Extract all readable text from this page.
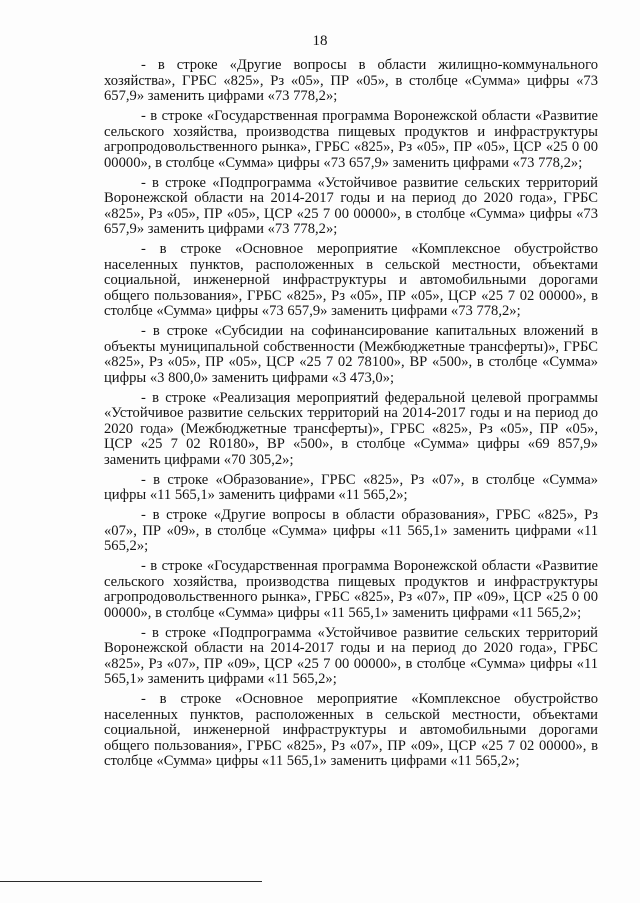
18

- в строке «Другие вопросы в области жилищно-коммунального хозяйства», ГРБС «825», Рз «05», ПР «05», в столбце «Сумма» цифры «73 657,9» заменить цифрами «73 778,2»;

- в строке «Государственная программа Воронежской области «Развитие сельского хозяйства, производства пищевых продуктов и инфраструктуры агропродовольственного рынка», ГРБС «825», Рз «05», ПР «05», ЦСР «25 0 00 00000», в столбце «Сумма» цифры «73 657,9» заменить цифрами «73 778,2»;

- в строке «Подпрограмма «Устойчивое развитие сельских территорий Воронежской области на 2014-2017 годы и на период до 2020 года», ГРБС «825», Рз «05», ПР «05», ЦСР «25 7 00 00000», в столбце «Сумма» цифры «73 657,9» заменить цифрами «73 778,2»;

- в строке «Основное мероприятие «Комплексное обустройство населенных пунктов, расположенных в сельской местности, объектами социальной, инженерной инфраструктуры и автомобильными дорогами общего пользования», ГРБС «825», Рз «05», ПР «05», ЦСР «25 7 02 00000», в столбце «Сумма» цифры «73 657,9» заменить цифрами «73 778,2»;

- в строке «Субсидии на софинансирование капитальных вложений в объекты муниципальной собственности (Межбюджетные трансферты)», ГРБС «825», Рз «05», ПР «05», ЦСР «25 7 02 78100», ВР «500», в столбце «Сумма» цифры «3 800,0» заменить цифрами «3 473,0»;

- в строке «Реализация мероприятий федеральной целевой программы «Устойчивое развитие сельских территорий на 2014-2017 годы и на период до 2020 года» (Межбюджетные трансферты)», ГРБС «825», Рз «05», ПР «05», ЦСР «25 7 02 R0180», ВР «500», в столбце «Сумма» цифры «69 857,9» заменить цифрами «70 305,2»;

- в строке «Образование», ГРБС «825», Рз «07», в столбце «Сумма» цифры «11 565,1» заменить цифрами «11 565,2»;

- в строке «Другие вопросы в области образования», ГРБС «825», Рз «07», ПР «09», в столбце «Сумма» цифры «11 565,1» заменить цифрами «11 565,2»;

- в строке «Государственная программа Воронежской области «Развитие сельского хозяйства, производства пищевых продуктов и инфраструктуры агропродовольственного рынка», ГРБС «825», Рз «07», ПР «09», ЦСР «25 0 00 00000», в столбце «Сумма» цифры «11 565,1» заменить цифрами «11 565,2»;

- в строке «Подпрограмма «Устойчивое развитие сельских территорий Воронежской области на 2014-2017 годы и на период до 2020 года», ГРБС «825», Рз «07», ПР «09», ЦСР «25 7 00 00000», в столбце «Сумма» цифры «11 565,1» заменить цифрами «11 565,2»;

- в строке «Основное мероприятие «Комплексное обустройство населенных пунктов, расположенных в сельской местности, объектами социальной, инженерной инфраструктуры и автомобильными дорогами общего пользования», ГРБС «825», Рз «07», ПР «09», ЦСР «25 7 02 00000», в столбце «Сумма» цифры «11 565,1» заменить цифрами «11 565,2»;
